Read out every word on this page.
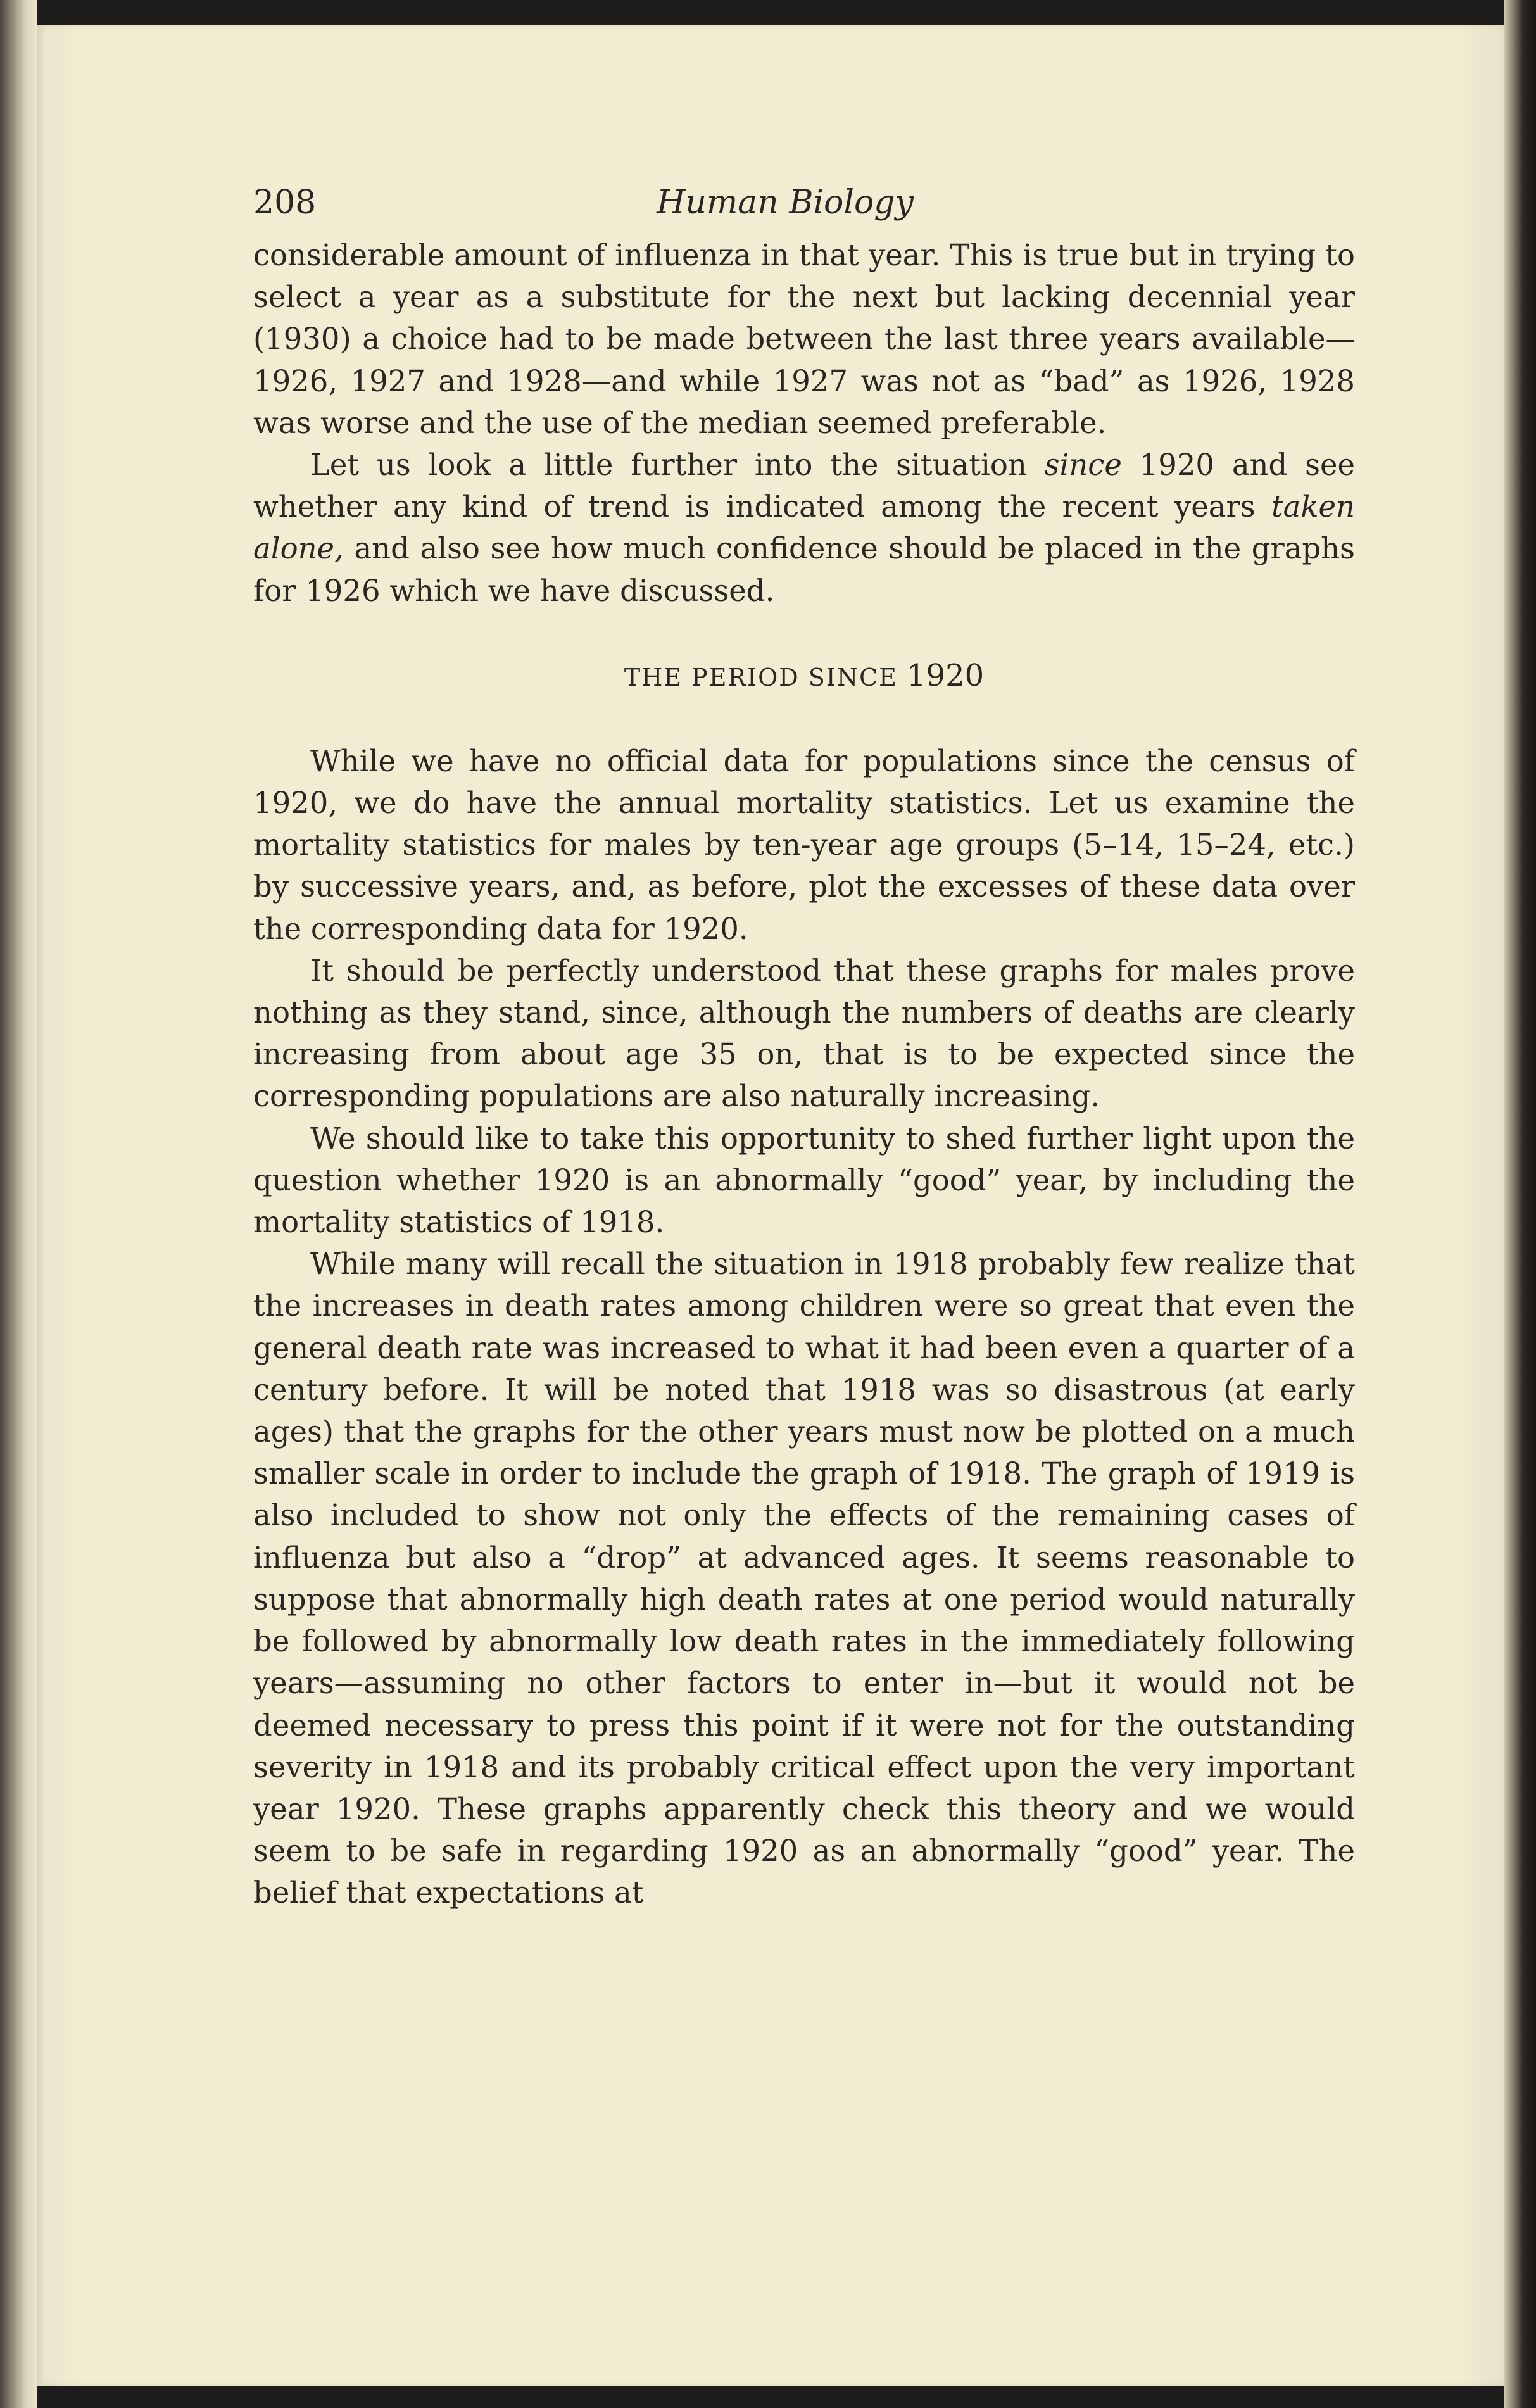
208	Human Biology

considerable amount of influenza in that year. This is true but in trying to select a year as a substitute for the next but lacking decennial year (1930) a choice had to be made between the last three years available—1926, 1927 and 1928—and while 1927 was not as “bad” as 1926, 1928 was worse and the use of the median seemed preferable.

Let us look a little further into the situation since 1920 and see whether any kind of trend is indicated among the recent years taken alone, and also see how much confidence should be placed in the graphs for 1926 which we have discussed.

THE PERIOD SINCE 1920

While we have no official data for populations since the census of 1920, we do have the annual mortality statistics. Let us examine the mortality statistics for males by ten-year age groups (5–14, 15–24, etc.) by successive years, and, as before, plot the excesses of these data over the corresponding data for 1920.

It should be perfectly understood that these graphs for males prove nothing as they stand, since, although the numbers of deaths are clearly increasing from about age 35 on, that is to be expected since the corresponding populations are also naturally increasing.

We should like to take this opportunity to shed further light upon the question whether 1920 is an abnormally “good” year, by including the mortality statistics of 1918.

While many will recall the situation in 1918 probably few realize that the increases in death rates among children were so great that even the general death rate was increased to what it had been even a quarter of a century before. It will be noted that 1918 was so disastrous (at early ages) that the graphs for the other years must now be plotted on a much smaller scale in order to include the graph of 1918. The graph of 1919 is also included to show not only the effects of the remaining cases of influenza but also a “drop” at advanced ages. It seems reasonable to suppose that abnormally high death rates at one period would naturally be followed by abnormally low death rates in the immediately following years—assuming no other factors to enter in—but it would not be deemed necessary to press this point if it were not for the outstanding severity in 1918 and its probably critical effect upon the very important year 1920. These graphs apparently check this theory and we would seem to be safe in regarding 1920 as an abnormally “good” year. The belief that expectations at
